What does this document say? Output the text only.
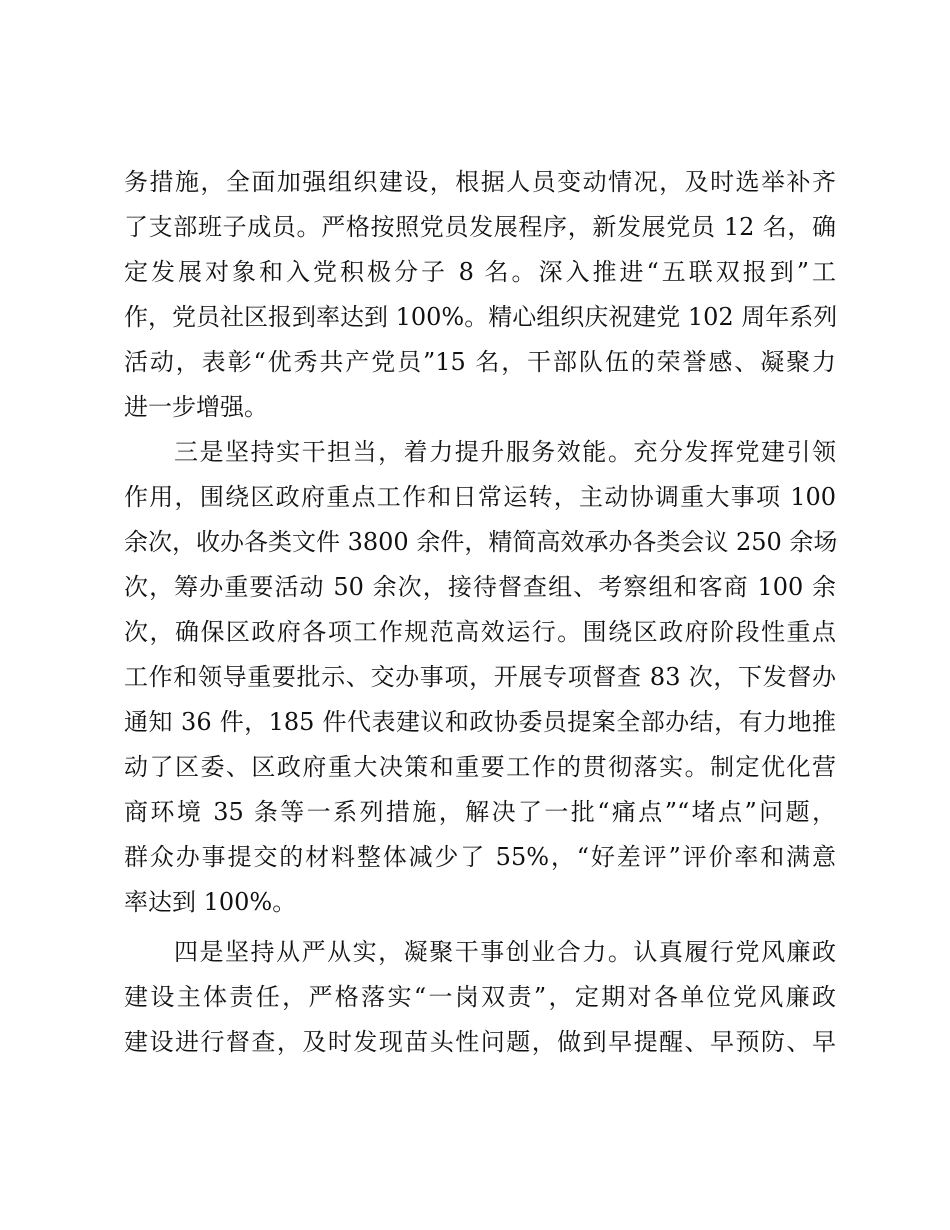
务措施，全面加强组织建设，根据人员变动情况，及时选举补齐
了支部班子成员。严格按照党员发展程序，新发展党员 12 名，确
定发展对象和入党积极分子 8 名。深入推进“五联双报到”工
作，党员社区报到率达到 100%。精心组织庆祝建党 102 周年系列
活动，表彰“优秀共产党员”15 名，干部队伍的荣誉感、凝聚力
进一步增强。
三是坚持实干担当，着力提升服务效能。充分发挥党建引领
作用，围绕区政府重点工作和日常运转，主动协调重大事项 100
余次，收办各类文件 3800 余件，精简高效承办各类会议 250 余场
次，筹办重要活动 50 余次，接待督查组、考察组和客商 100 余
次，确保区政府各项工作规范高效运行。围绕区政府阶段性重点
工作和领导重要批示、交办事项，开展专项督查 83 次，下发督办
通知 36 件，185 件代表建议和政协委员提案全部办结，有力地推
动了区委、区政府重大决策和重要工作的贯彻落实。制定优化营
商环境 35 条等一系列措施，解决了一批“痛点”“堵点”问题，
群众办事提交的材料整体减少了 55%，“好差评”评价率和满意
率达到 100%。
四是坚持从严从实，凝聚干事创业合力。认真履行党风廉政
建设主体责任，严格落实“一岗双责”，定期对各单位党风廉政
建设进行督查，及时发现苗头性问题，做到早提醒、早预防、早
